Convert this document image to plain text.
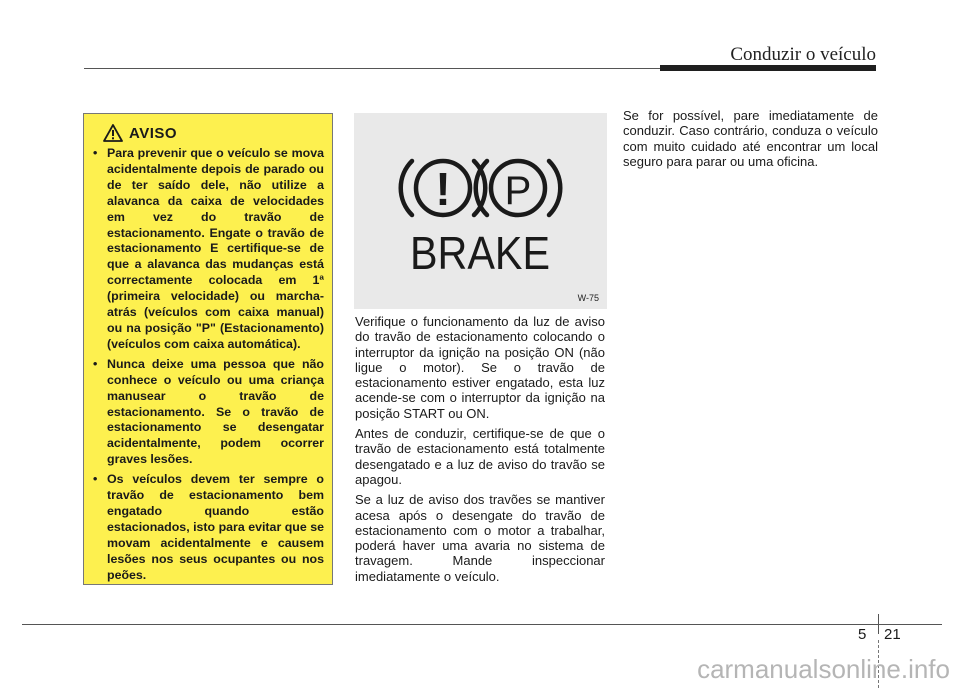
Conduzir o veículo
AVISO
• Para prevenir que o veículo se mova acidentalmente depois de parado ou de ter saído dele, não utilize a alavanca da caixa de velocidades em vez do travão de estacionamento. Engate o travão de estacionamento E certifique-se de que a alavanca das mudanças está correctamente colocada em 1ª (primeira velocidade) ou marcha-atrás (veículos com caixa manual) ou na posição "P" (Estacionamento) (veículos com caixa automática).
• Nunca deixe uma pessoa que não conhece o veículo ou uma criança manusear o travão de estacionamento. Se o travão de estacionamento se desengatar acidentalmente, podem ocorrer graves lesões.
• Os veículos devem ter sempre o travão de estacionamento bem engatado quando estão estacionados, isto para evitar que se movam acidentalmente e causem lesões nos seus ocupantes ou nos peões.
! P
BRAKE
W-75

Verifique o funcionamento da luz de aviso do travão de estacionamento colocando o interruptor da ignição na posição ON (não ligue o motor). Se o travão de estacionamento estiver engatado, esta luz acende-se com o interruptor da ignição na posição START ou ON.

Antes de conduzir, certifique-se de que o travão de estacionamento está totalmente desengatado e a luz de aviso do travão se apagou.

Se a luz de aviso dos travões se mantiver acesa após o desengate do travão de estacionamento com o motor a trabalhar, poderá haver uma avaria no sistema de travagem. Mande inspeccionar imediatamente o veículo.

Se for possível, pare imediatamente de conduzir. Caso contrário, conduza o veículo com muito cuidado até encontrar um local seguro para parar ou uma oficina.

5 21
carmanualsonline.info
